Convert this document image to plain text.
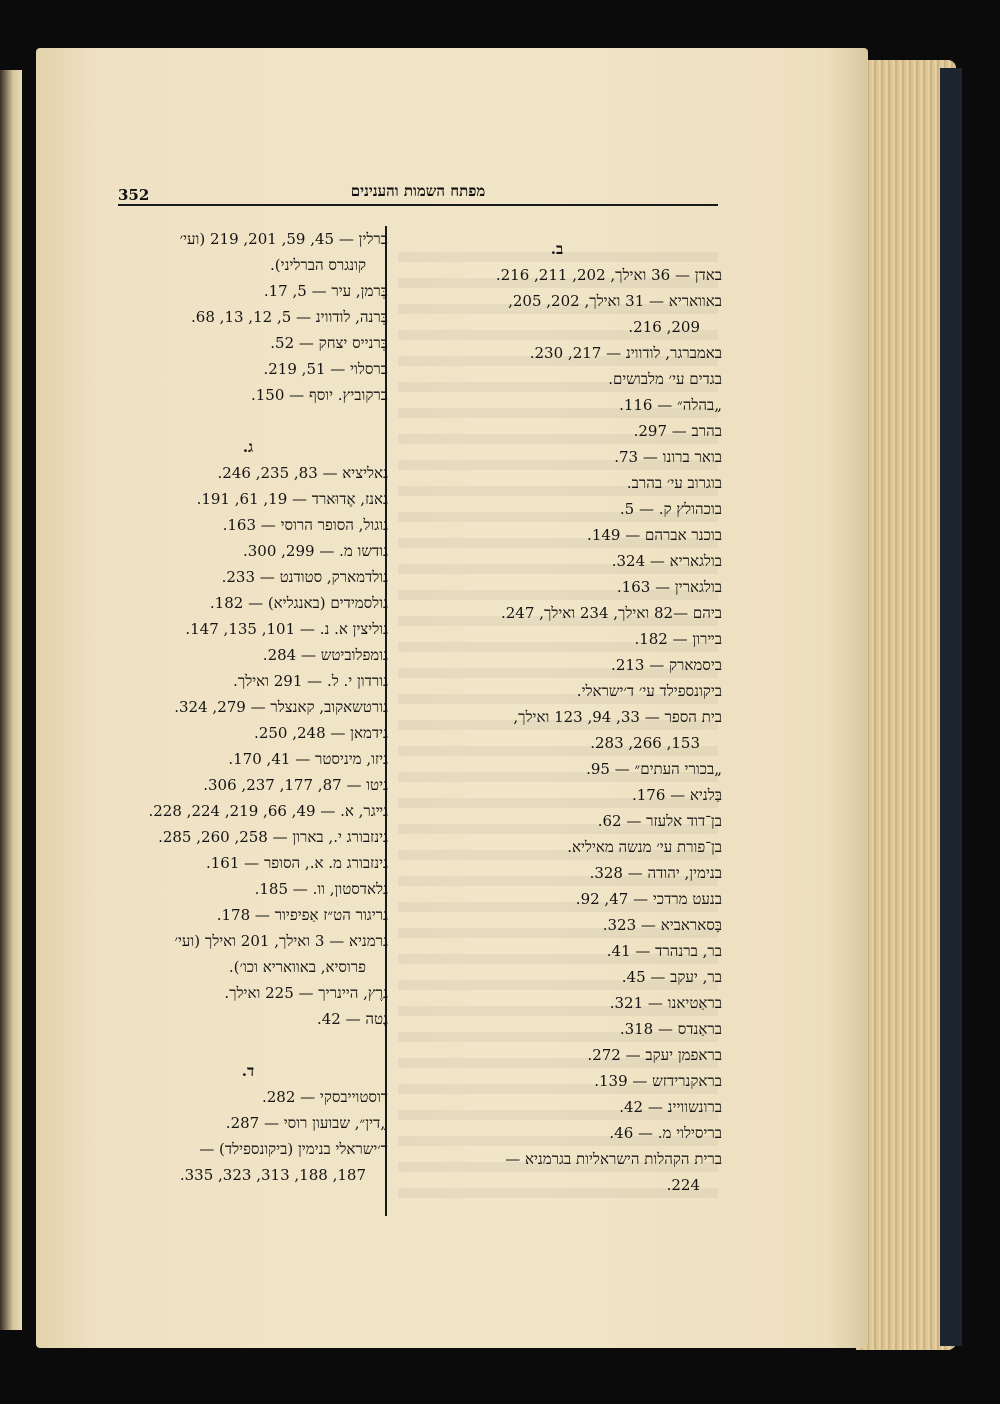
352	מפתח השמות והענינים
ב.
באדן — 36 ואילך, 202, 211, 216.
באוואריא — 31 ואילך, 202, 205,
209, 216.
באמברגר, לודווינ — 217, 230.
בגדים עי׳ מלבושים.
„בהלה״ — 116.
בהרב — 297.
בואר ברונו — 73.
בוגרוב עי׳ בהרב.
בוכהולץ ק. — 5.
בוכנר אברהם — 149.
בולגאריא — 324.
בולגארין — 163.
ביהם —82 ואילך, 234 ואילך, 247.
בײרון — 182.
ביסמארק — 213.
ביקונספילד עי׳ ד׳ישראלי.
בית הספר — 33, 94, 123 ואילך,
153, 266, 283.
„בכורי העתים״ — 95.
בַּלניא — 176.
בן־דוד אלעזר — 62.
בן־פורת עי׳ מנשה מאיליא.
בנימין, יהודה — 328.
בנעט מרדכי — 47, 92.
בָּסאראביא — 323.
בר, ברנהרד — 41.
בר, יעקב — 45.
בראַטיאנו — 321.
בראַנדס — 318.
בראפמן יעקב — 272.
בראקנרידזש — 139.
ברונשוויינ — 42.
בריסילוי מ. — 46.
ברית הקהלות הישראליות בגרמניא —
224.
ברלין — 45, 59, 201, 219 (ועי׳
קונגרס הברליני).
בְּרמן, עיר — 5, 17.
בְּרנה, לודווינ — 5, 12, 13, 68.
בְּרנייס יצחק — 52.
ברסלוי — 51, 219.
ברקוביץ. יוסף — 150.
ג.
גאליציא — 83, 235, 246.
גאנז, אֶדוּארד — 19, 61, 191.
גוגול, הסופר הרוסי — 163.
גודשו מ. — 299, 300.
גולדמארק, סטודנט — 233.
גולסמידים (באנגליא) — 182.
גוליצין א. נ. — 101, 135, 147.
גומפלוביטש — 284.
גורדון י. ל. — 291 ואילך.
גורטשאקוב, קאנצלר — 279, 324.
גידמאן — 248, 250.
גיזו, מיניסטר — 41, 170.
גיטו — 87, 177, 237, 306.
גײגר, א. — 49, 66, 219, 224, 228.
גינזבורג י., בארון — 258, 260, 285.
גינזבורג מ. א., הסופר — 161.
גלאדסטון, וו. — 185.
גריגור הט״ז אַפיפיור — 178.
גרמניא — 3 ואילך, 201 ואילך (ועי׳
פרוסיא, באוואריא וכו׳).
גרֶץ, היינריך — 225 ואילך.
גֶטה — 42.
ד.
דוסטוייבסקי — 282.
„דין״, שבועון רוסי — 287.
ד׳ישראלי בנימין (ביקונספילד) —
187, 188, 313, 323, 335.
